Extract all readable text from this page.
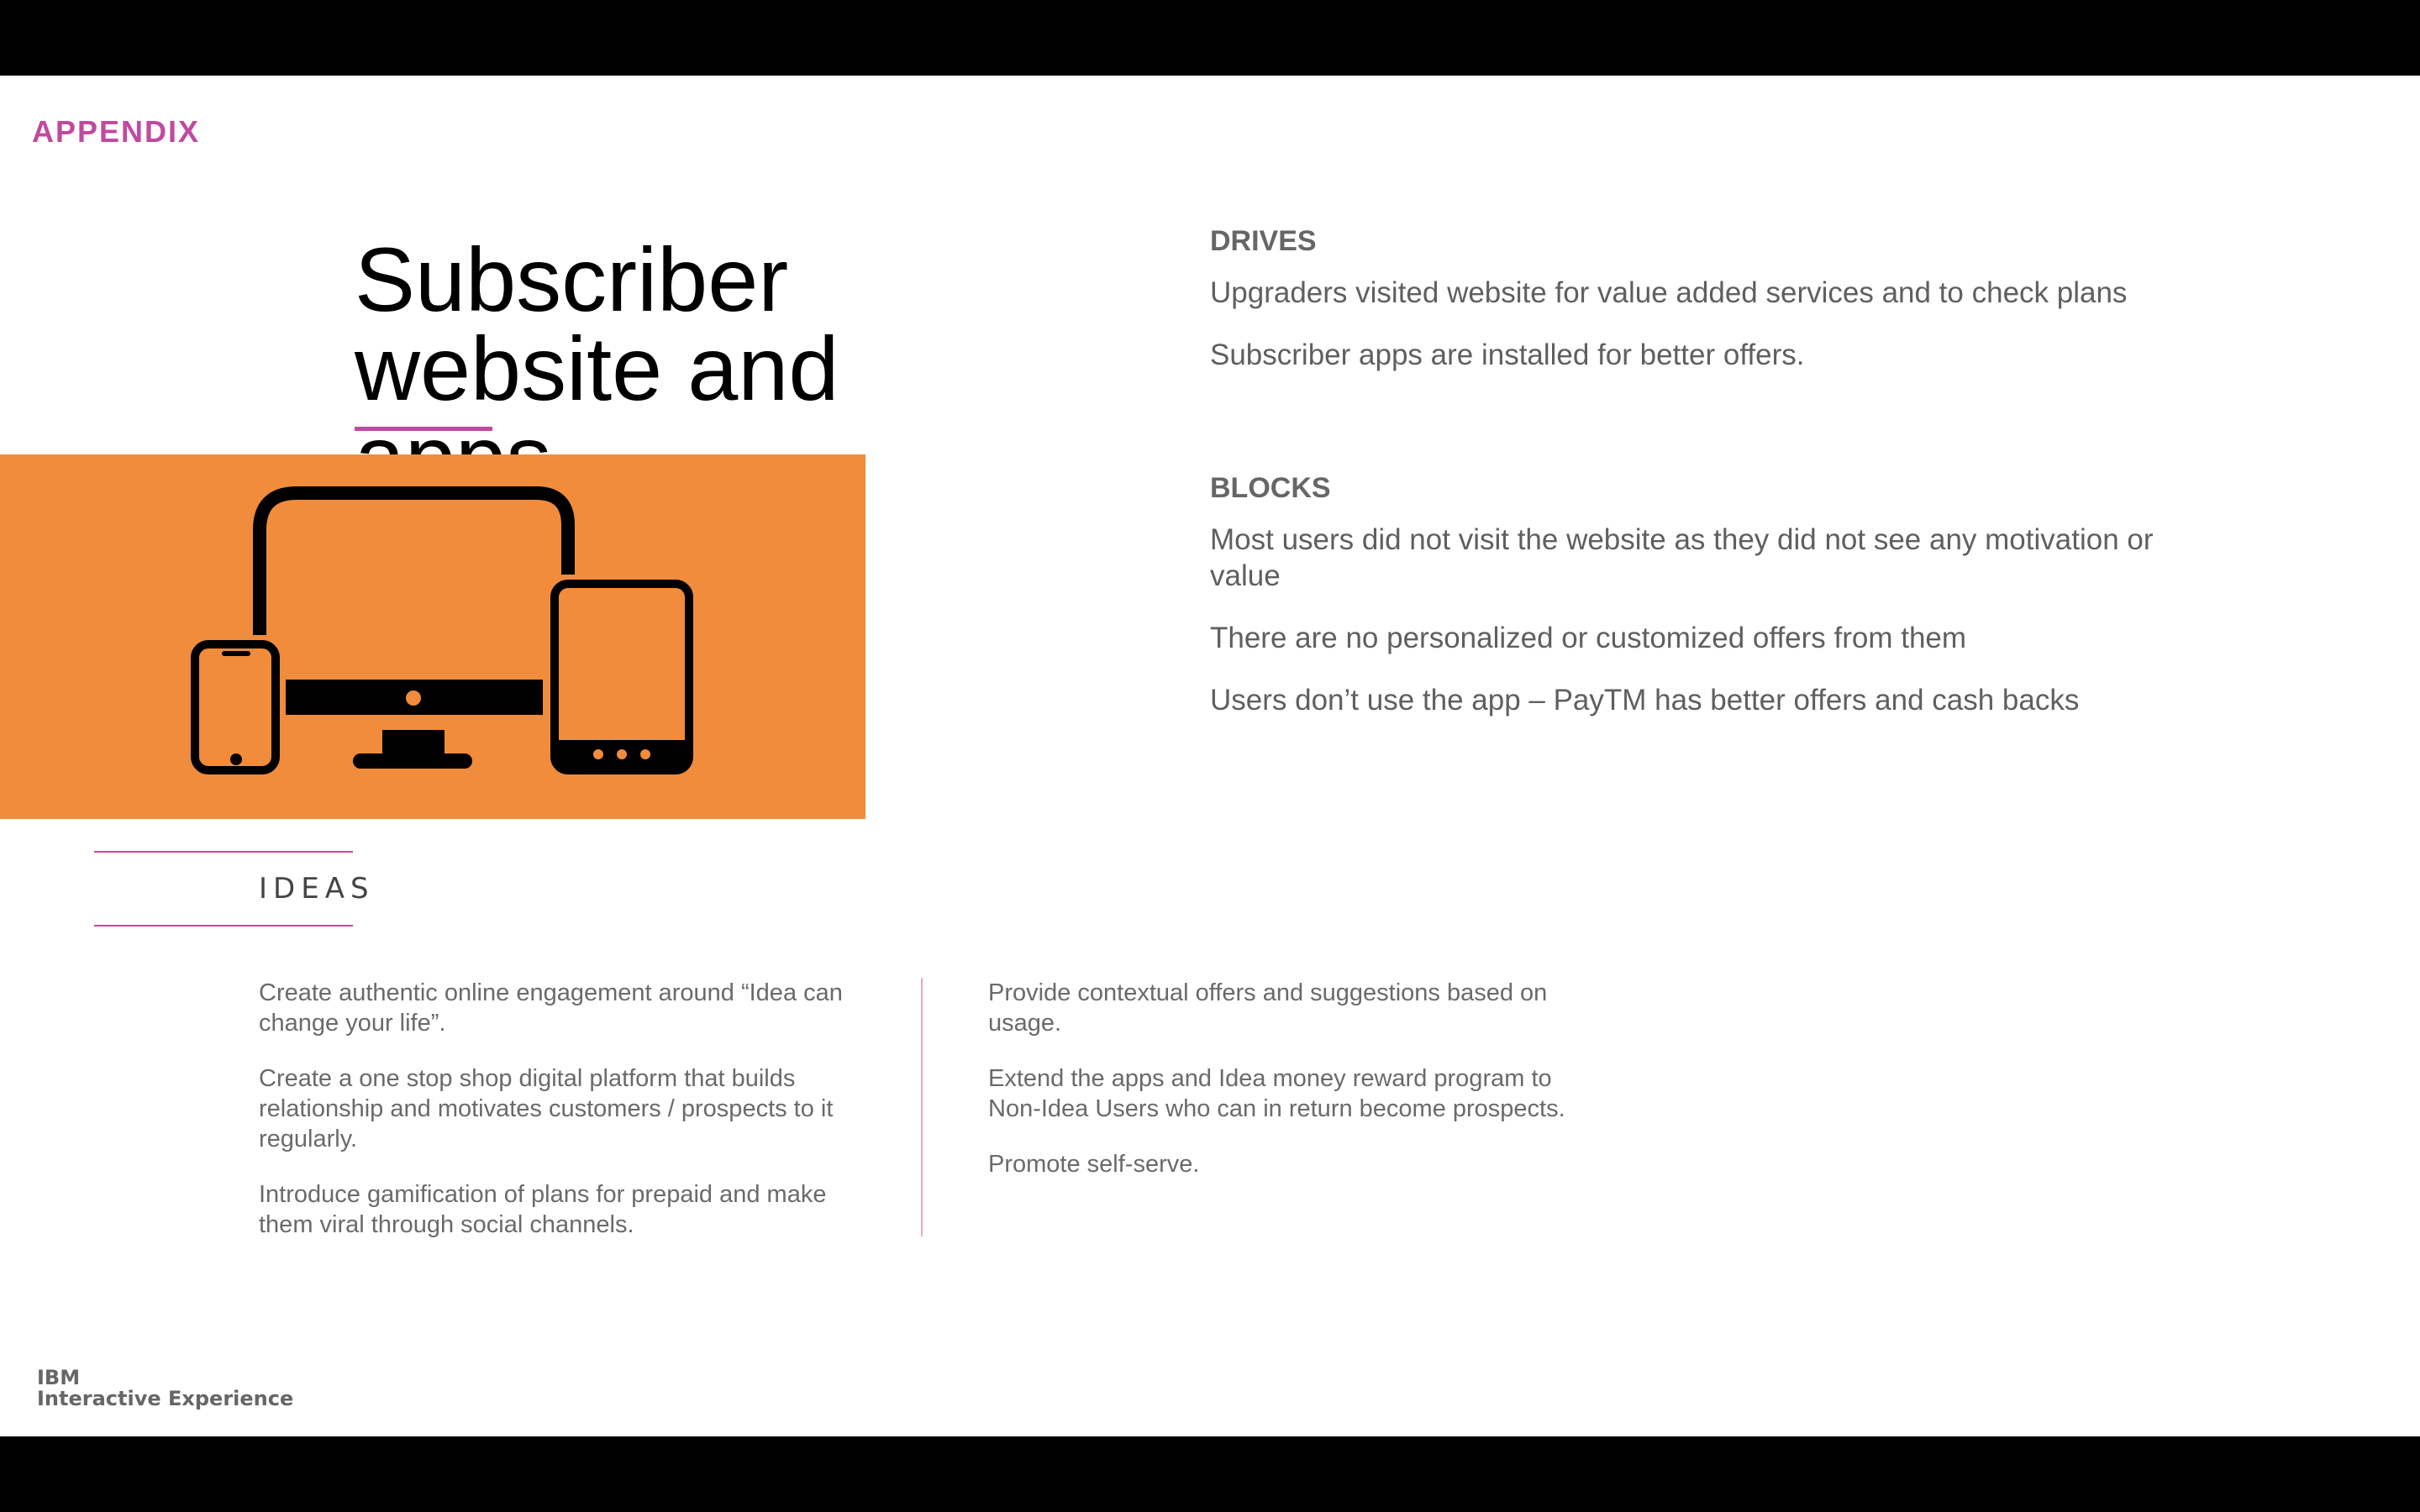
APPENDIX
Subscriber website and
DRIVES

Upgraders visited website for value added services and to check plans

Subscriber apps are installed for better offers.

BLOCKS

Most users did not visit the website as they did not see any motivation or value

There are no personalized or customized offers from them

Users don’t use the app – PayTM has better offers and cash backs

IDEAS

Create authentic online engagement around “Idea can change your life”.

Create a one stop shop digital platform that builds relationship and motivates customers / prospects to it regularly.

Introduce gamification of plans for prepaid and make them viral through social channels.

Provide contextual offers and suggestions based on usage.

Extend the apps and Idea money reward program to Non-Idea Users who can in return become prospects.

Promote self-serve.

IBM
Interactive Experience
